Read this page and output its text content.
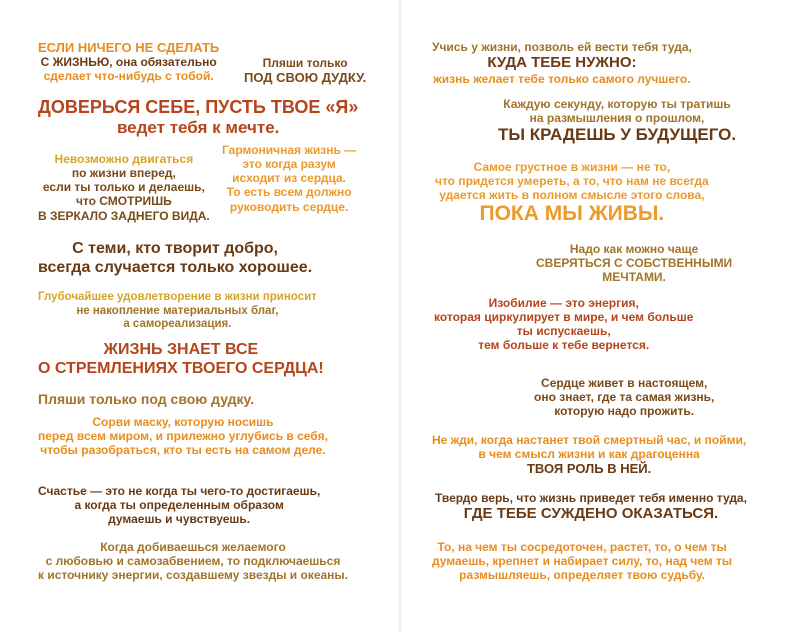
ЕСЛИ НИЧЕГО НЕ СДЕЛАТЬ
С ЖИЗНЬЮ, она обязательно
сделает что-нибудь с тобой.
Пляши только
ПОД СВОЮ ДУДКУ.
ДОВЕРЬСЯ СЕБЕ, ПУСТЬ ТВОЕ «Я»
ведет тебя к мечте.
Невозможно двигаться
по жизни вперед,
если ты только и делаешь,
что СМОТРИШЬ
В ЗЕРКАЛО ЗАДНЕГО ВИДА.
Гармоничная жизнь —
это когда разум
исходит из сердца.
То есть всем должно
руководить сердце.
С теми, кто творит добро,
всегда случается только хорошее.
Глубочайшее удовлетворение в жизни приносит
не накопление материальных благ,
а самореализация.
ЖИЗНЬ ЗНАЕТ ВСЕ
О СТРЕМЛЕНИЯХ ТВОЕГО СЕРДЦА!
Пляши только под свою дудку.
Сорви маску, которую носишь
перед всем миром, и прилежно углубись в себя,
чтобы разобраться, кто ты есть на самом деле.
Счастье — это не когда ты чего-то достигаешь,
а когда ты определенным образом
думаешь и чувствуешь.
Когда добиваешься желаемого
с любовью и самозабвением, то подключаешься
к источнику энергии, создавшему звезды и океаны.
Учись у жизни, позволь ей вести тебя туда,
КУДА ТЕБЕ НУЖНО:
жизнь желает тебе только самого лучшего.
Каждую секунду, которую ты тратишь
на размышления о прошлом,
ТЫ КРАДЕШЬ У БУДУЩЕГО.
Самое грустное в жизни — не то,
что придется умереть, а то, что нам не всегда
удается жить в полном смысле этого слова,
ПОКА МЫ ЖИВЫ.
Надо как можно чаще
СВЕРЯТЬСЯ С СОБСТВЕННЫМИ
МЕЧТАМИ.
Изобилие — это энергия,
которая циркулирует в мире, и чем больше
ты испускаешь,
тем больше к тебе вернется.
Сердце живет в настоящем,
оно знает, где та самая жизнь,
которую надо прожить.
Не жди, когда настанет твой смертный час, и пойми,
в чем смысл жизни и как драгоценна
ТВОЯ РОЛЬ В НЕЙ.
Твердо верь, что жизнь приведет тебя именно туда,
ГДЕ ТЕБЕ СУЖДЕНО ОКАЗАТЬСЯ.
То, на чем ты сосредоточен, растет, то, о чем ты
думаешь, крепнет и набирает силу, то, над чем ты
размышляешь, определяет твою судьбу.
